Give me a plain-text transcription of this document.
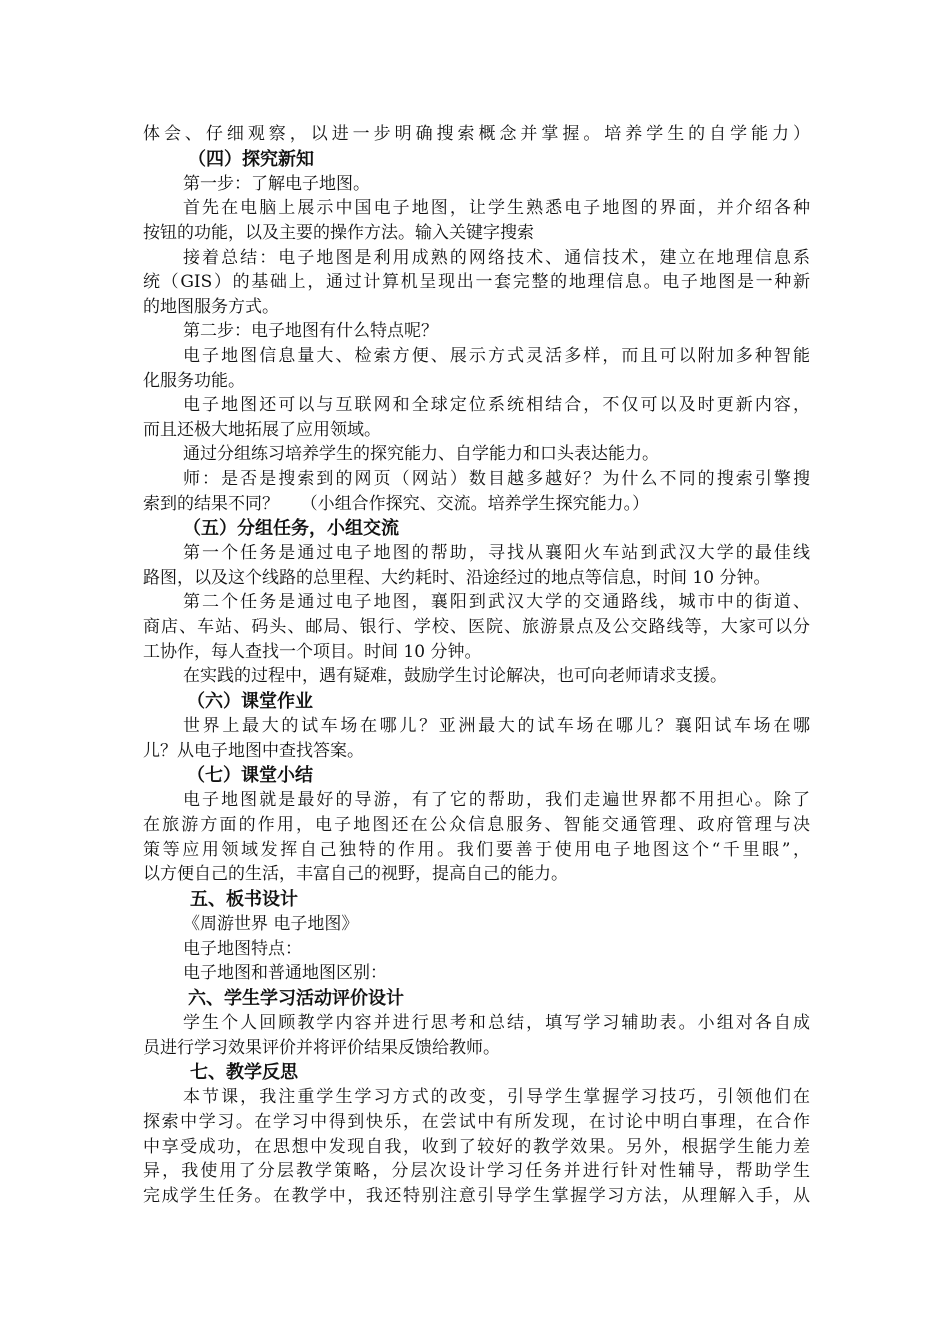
体会、仔细观察，以进一步明确搜索概念并掌握。培养学生的自学能力）
（四）探究新知
第一步：了解电子地图。
首先在电脑上展示中国电子地图，让学生熟悉电子地图的界面，并介绍各种
按钮的功能，以及主要的操作方法。输入关键字搜索
接着总结：电子地图是利用成熟的网络技术、通信技术，建立在地理信息系
统（GIS）的基础上，通过计算机呈现出一套完整的地理信息。电子地图是一种新
的地图服务方式。
第二步：电子地图有什么特点呢？
电子地图信息量大、检索方便、展示方式灵活多样，而且可以附加多种智能
化服务功能。
电子地图还可以与互联网和全球定位系统相结合，不仅可以及时更新内容，
而且还极大地拓展了应用领域。
通过分组练习培养学生的探究能力、自学能力和口头表达能力。
师：是否是搜索到的网页（网站）数目越多越好？为什么不同的搜索引擎搜
索到的结果不同？    （小组合作探究、交流。培养学生探究能力。）
（五）分组任务，小组交流
第一个任务是通过电子地图的帮助，寻找从襄阳火车站到武汉大学的最佳线
路图，以及这个线路的总里程、大约耗时、沿途经过的地点等信息，时间 10 分钟。
第二个任务是通过电子地图，襄阳到武汉大学的交通路线，城市中的街道、
商店、车站、码头、邮局、银行、学校、医院、旅游景点及公交路线等，大家可以分
工协作，每人查找一个项目。时间 10 分钟。
在实践的过程中，遇有疑难，鼓励学生讨论解决，也可向老师请求支援。
（六）课堂作业
世界上最大的试车场在哪儿？亚洲最大的试车场在哪儿？襄阳试车场在哪
儿？从电子地图中查找答案。
（七）课堂小结
电子地图就是最好的导游，有了它的帮助，我们走遍世界都不用担心。除了
在旅游方面的作用，电子地图还在公众信息服务、智能交通管理、政府管理与决
策等应用领域发挥自己独特的作用。我们要善于使用电子地图这个“千里眼”，
以方便自己的生活，丰富自己的视野，提高自己的能力。
五、板书设计
《周游世界 电子地图》
电子地图特点：
电子地图和普通地图区别：
六、学生学习活动评价设计
学生个人回顾教学内容并进行思考和总结，填写学习辅助表。小组对各自成
员进行学习效果评价并将评价结果反馈给教师。
七、教学反思
本节课，我注重学生学习方式的改变，引导学生掌握学习技巧，引领他们在
探索中学习。在学习中得到快乐，在尝试中有所发现，在讨论中明白事理，在合作
中享受成功，在思想中发现自我，收到了较好的教学效果。另外，根据学生能力差
异，我使用了分层教学策略，分层次设计学习任务并进行针对性辅导，帮助学生
完成学生任务。在教学中，我还特别注意引导学生掌握学习方法，从理解入手，从
